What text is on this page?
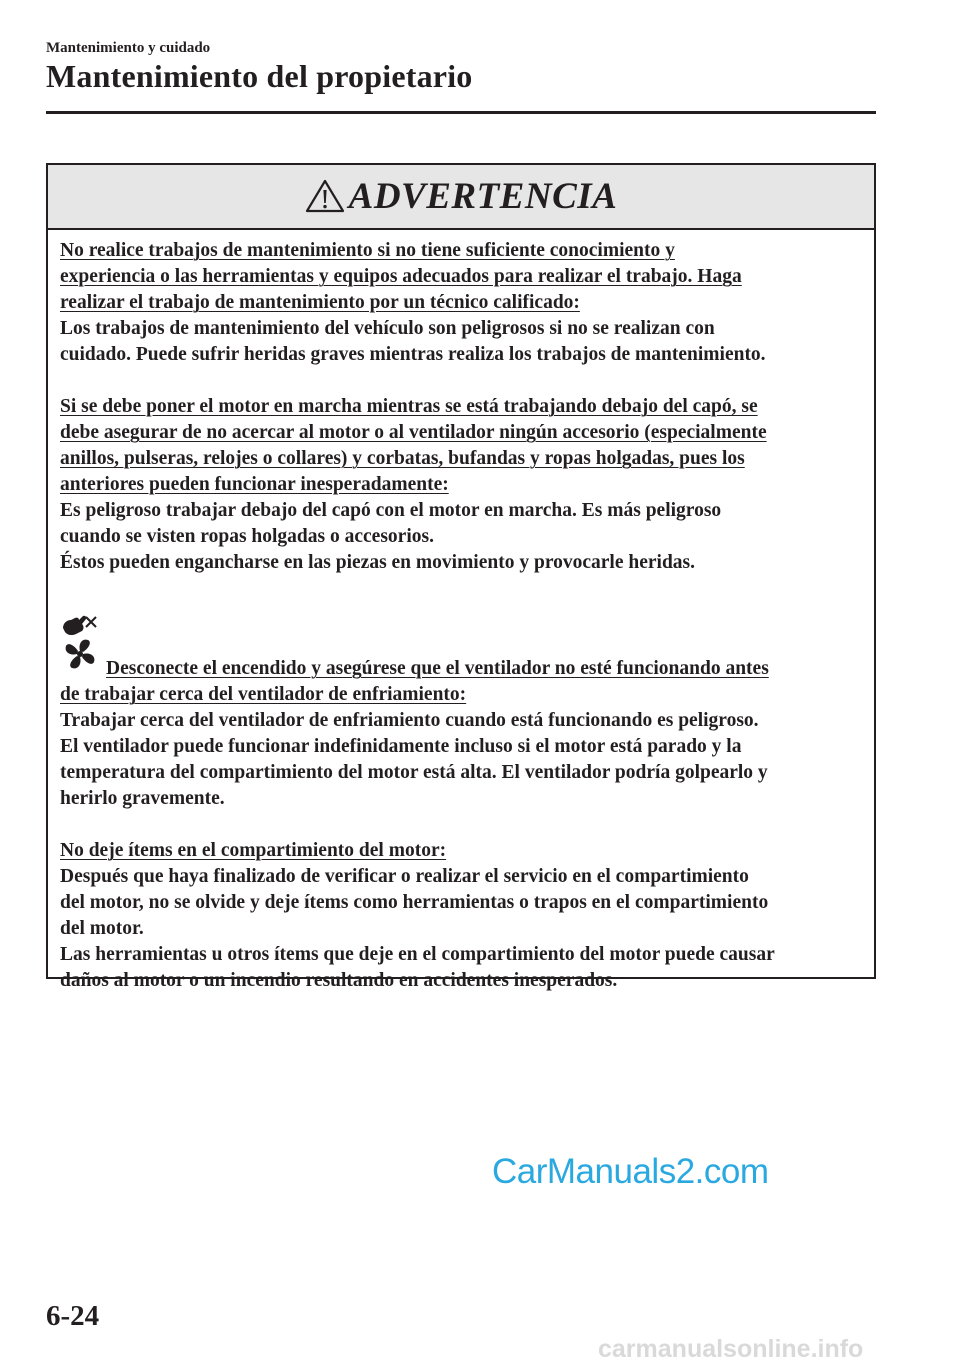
Mantenimiento y cuidado
Mantenimiento del propietario
ADVERTENCIA
No realice trabajos de mantenimiento si no tiene suficiente conocimiento y
experiencia o las herramientas y equipos adecuados para realizar el trabajo. Haga
realizar el trabajo de mantenimiento por un técnico calificado:
Los trabajos de mantenimiento del vehículo son peligrosos si no se realizan con
cuidado. Puede sufrir heridas graves mientras realiza los trabajos de mantenimiento.
Si se debe poner el motor en marcha mientras se está trabajando debajo del capó, se
debe asegurar de no acercar al motor o al ventilador ningún accesorio (especialmente
anillos, pulseras, relojes o collares) y corbatas, bufandas y ropas holgadas, pues los
anteriores pueden funcionar inesperadamente:
Es peligroso trabajar debajo del capó con el motor en marcha. Es más peligroso
cuando se visten ropas holgadas o accesorios.
Éstos pueden engancharse en las piezas en movimiento y provocarle heridas.
Desconecte el encendido y asegúrese que el ventilador no esté funcionando antes
de trabajar cerca del ventilador de enfriamiento:
Trabajar cerca del ventilador de enfriamiento cuando está funcionando es peligroso.
El ventilador puede funcionar indefinidamente incluso si el motor está parado y la
temperatura del compartimiento del motor está alta. El ventilador podría golpearlo y
herirlo gravemente.
No deje ítems en el compartimiento del motor:
Después que haya finalizado de verificar o realizar el servicio en el compartimiento
del motor, no se olvide y deje ítems como herramientas o trapos en el compartimiento
del motor.
Las herramientas u otros ítems que deje en el compartimiento del motor puede causar
daños al motor o un incendio resultando en accidentes inesperados.
CarManuals2.com
6-24
carmanualsonline.info
